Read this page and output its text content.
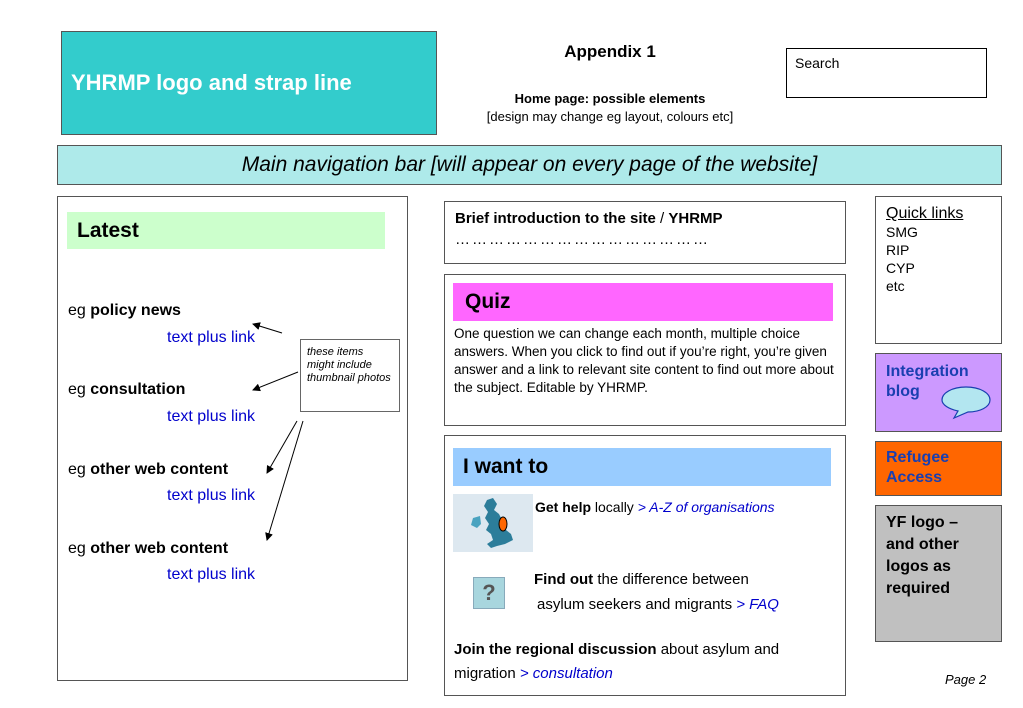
YHRMP logo and strap line
Appendix 1
Home page: possible elements
[design may change eg layout, colours etc]
Search
Main navigation bar [will appear on every page of the website]
Latest
eg policy news
text plus link
eg consultation
text plus link
eg other web content
text plus link
eg other web content
text plus link
these items might include thumbnail photos
Brief introduction to the site / YHRMP
………………………………………
Quiz
One question we can change each month, multiple choice answers. When you click to find out if you’re right, you’re given answer and a link to relevant site content to find out more about the subject. Editable by YHRMP.
I want to
Get help locally > A-Z of organisations
?
Find out the difference between
asylum seekers and migrants > FAQ
Join the regional discussion about asylum and
migration > consultation
Quick links
SMG
RIP
CYP
etc
Integration
blog
Refugee
Access
YF logo –
and other
logos as
required
Page 2
